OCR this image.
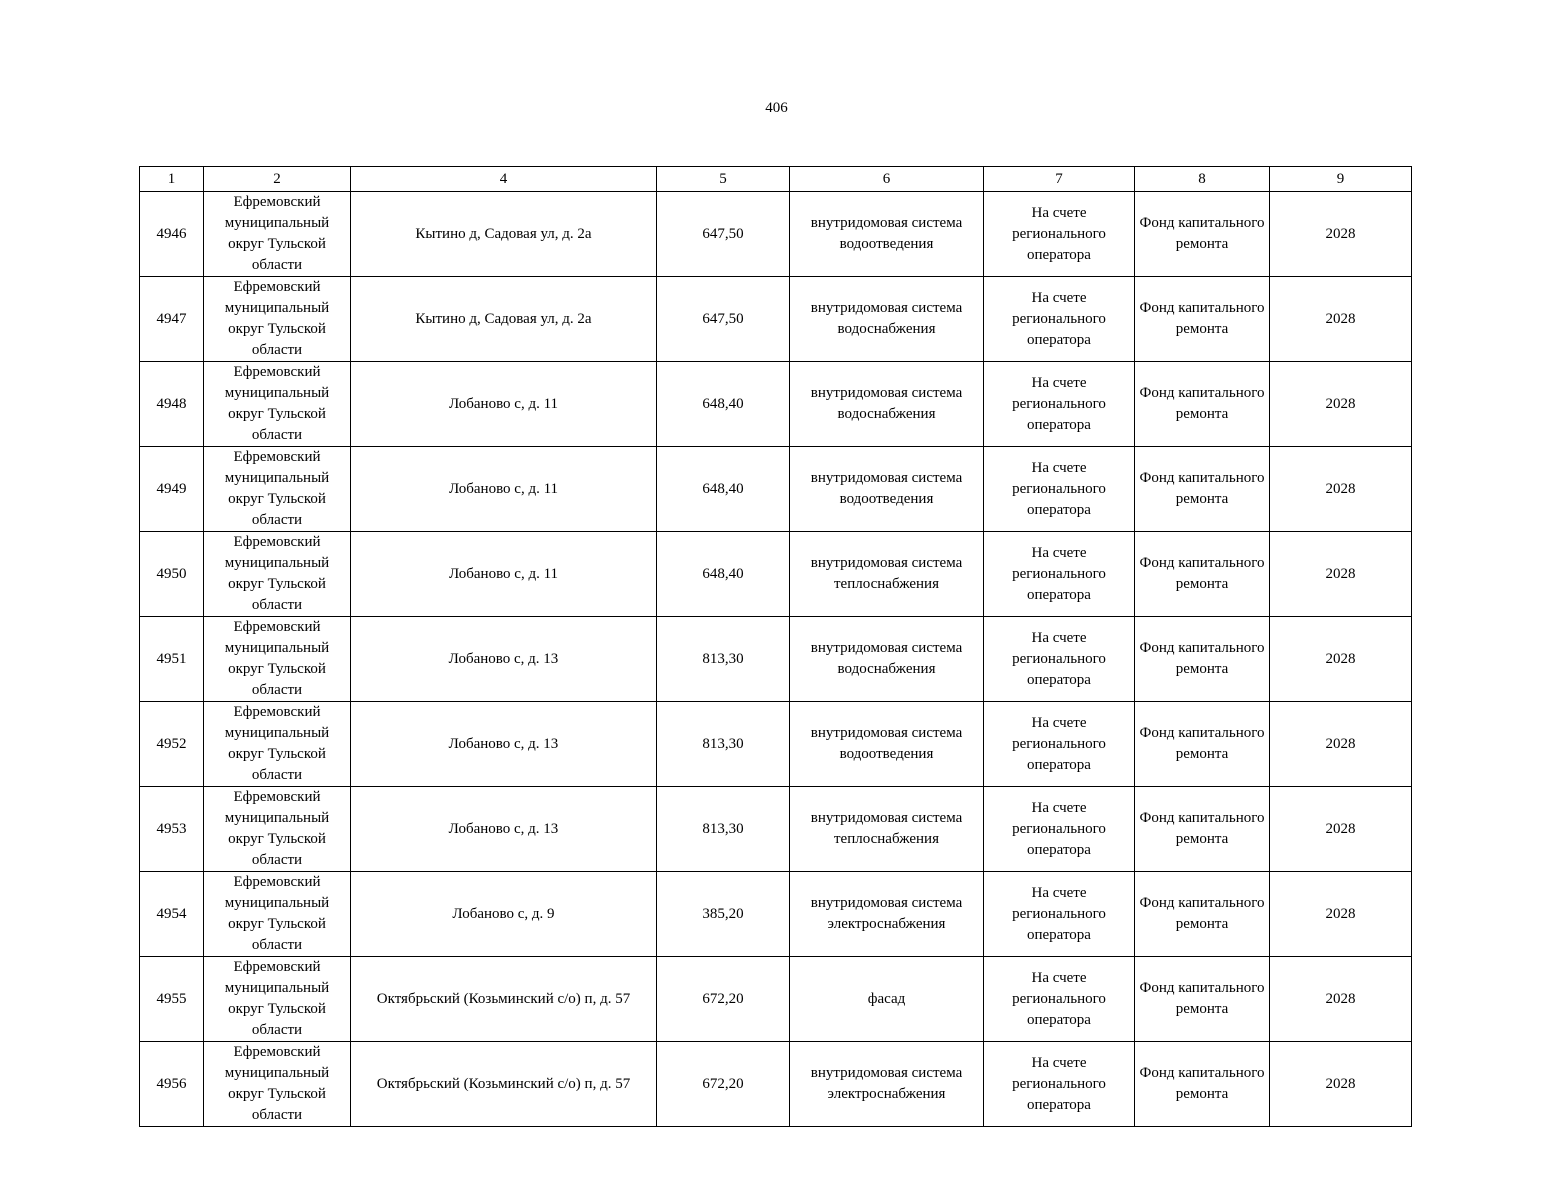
406
1	2	4	5	6	7	8	9
4946	Ефремовский муниципальный округ Тульской области	Кытино д, Садовая ул, д. 2а	647,50	внутридомовая система водоотведения	На счете регионального оператора	Фонд капитального ремонта	2028
4947	Ефремовский муниципальный округ Тульской области	Кытино д, Садовая ул, д. 2а	647,50	внутридомовая система водоснабжения	На счете регионального оператора	Фонд капитального ремонта	2028
4948	Ефремовский муниципальный округ Тульской области	Лобаново с, д. 11	648,40	внутридомовая система водоснабжения	На счете регионального оператора	Фонд капитального ремонта	2028
4949	Ефремовский муниципальный округ Тульской области	Лобаново с, д. 11	648,40	внутридомовая система водоотведения	На счете регионального оператора	Фонд капитального ремонта	2028
4950	Ефремовский муниципальный округ Тульской области	Лобаново с, д. 11	648,40	внутридомовая система теплоснабжения	На счете регионального оператора	Фонд капитального ремонта	2028
4951	Ефремовский муниципальный округ Тульской области	Лобаново с, д. 13	813,30	внутридомовая система водоснабжения	На счете регионального оператора	Фонд капитального ремонта	2028
4952	Ефремовский муниципальный округ Тульской области	Лобаново с, д. 13	813,30	внутридомовая система водоотведения	На счете регионального оператора	Фонд капитального ремонта	2028
4953	Ефремовский муниципальный округ Тульской области	Лобаново с, д. 13	813,30	внутридомовая система теплоснабжения	На счете регионального оператора	Фонд капитального ремонта	2028
4954	Ефремовский муниципальный округ Тульской области	Лобаново с, д. 9	385,20	внутридомовая система электроснабжения	На счете регионального оператора	Фонд капитального ремонта	2028
4955	Ефремовский муниципальный округ Тульской области	Октябрьский (Козьминский с/о) п, д. 57	672,20	фасад	На счете регионального оператора	Фонд капитального ремонта	2028
4956	Ефремовский муниципальный округ Тульской области	Октябрьский (Козьминский с/о) п, д. 57	672,20	внутридомовая система электроснабжения	На счете регионального оператора	Фонд капитального ремонта	2028
